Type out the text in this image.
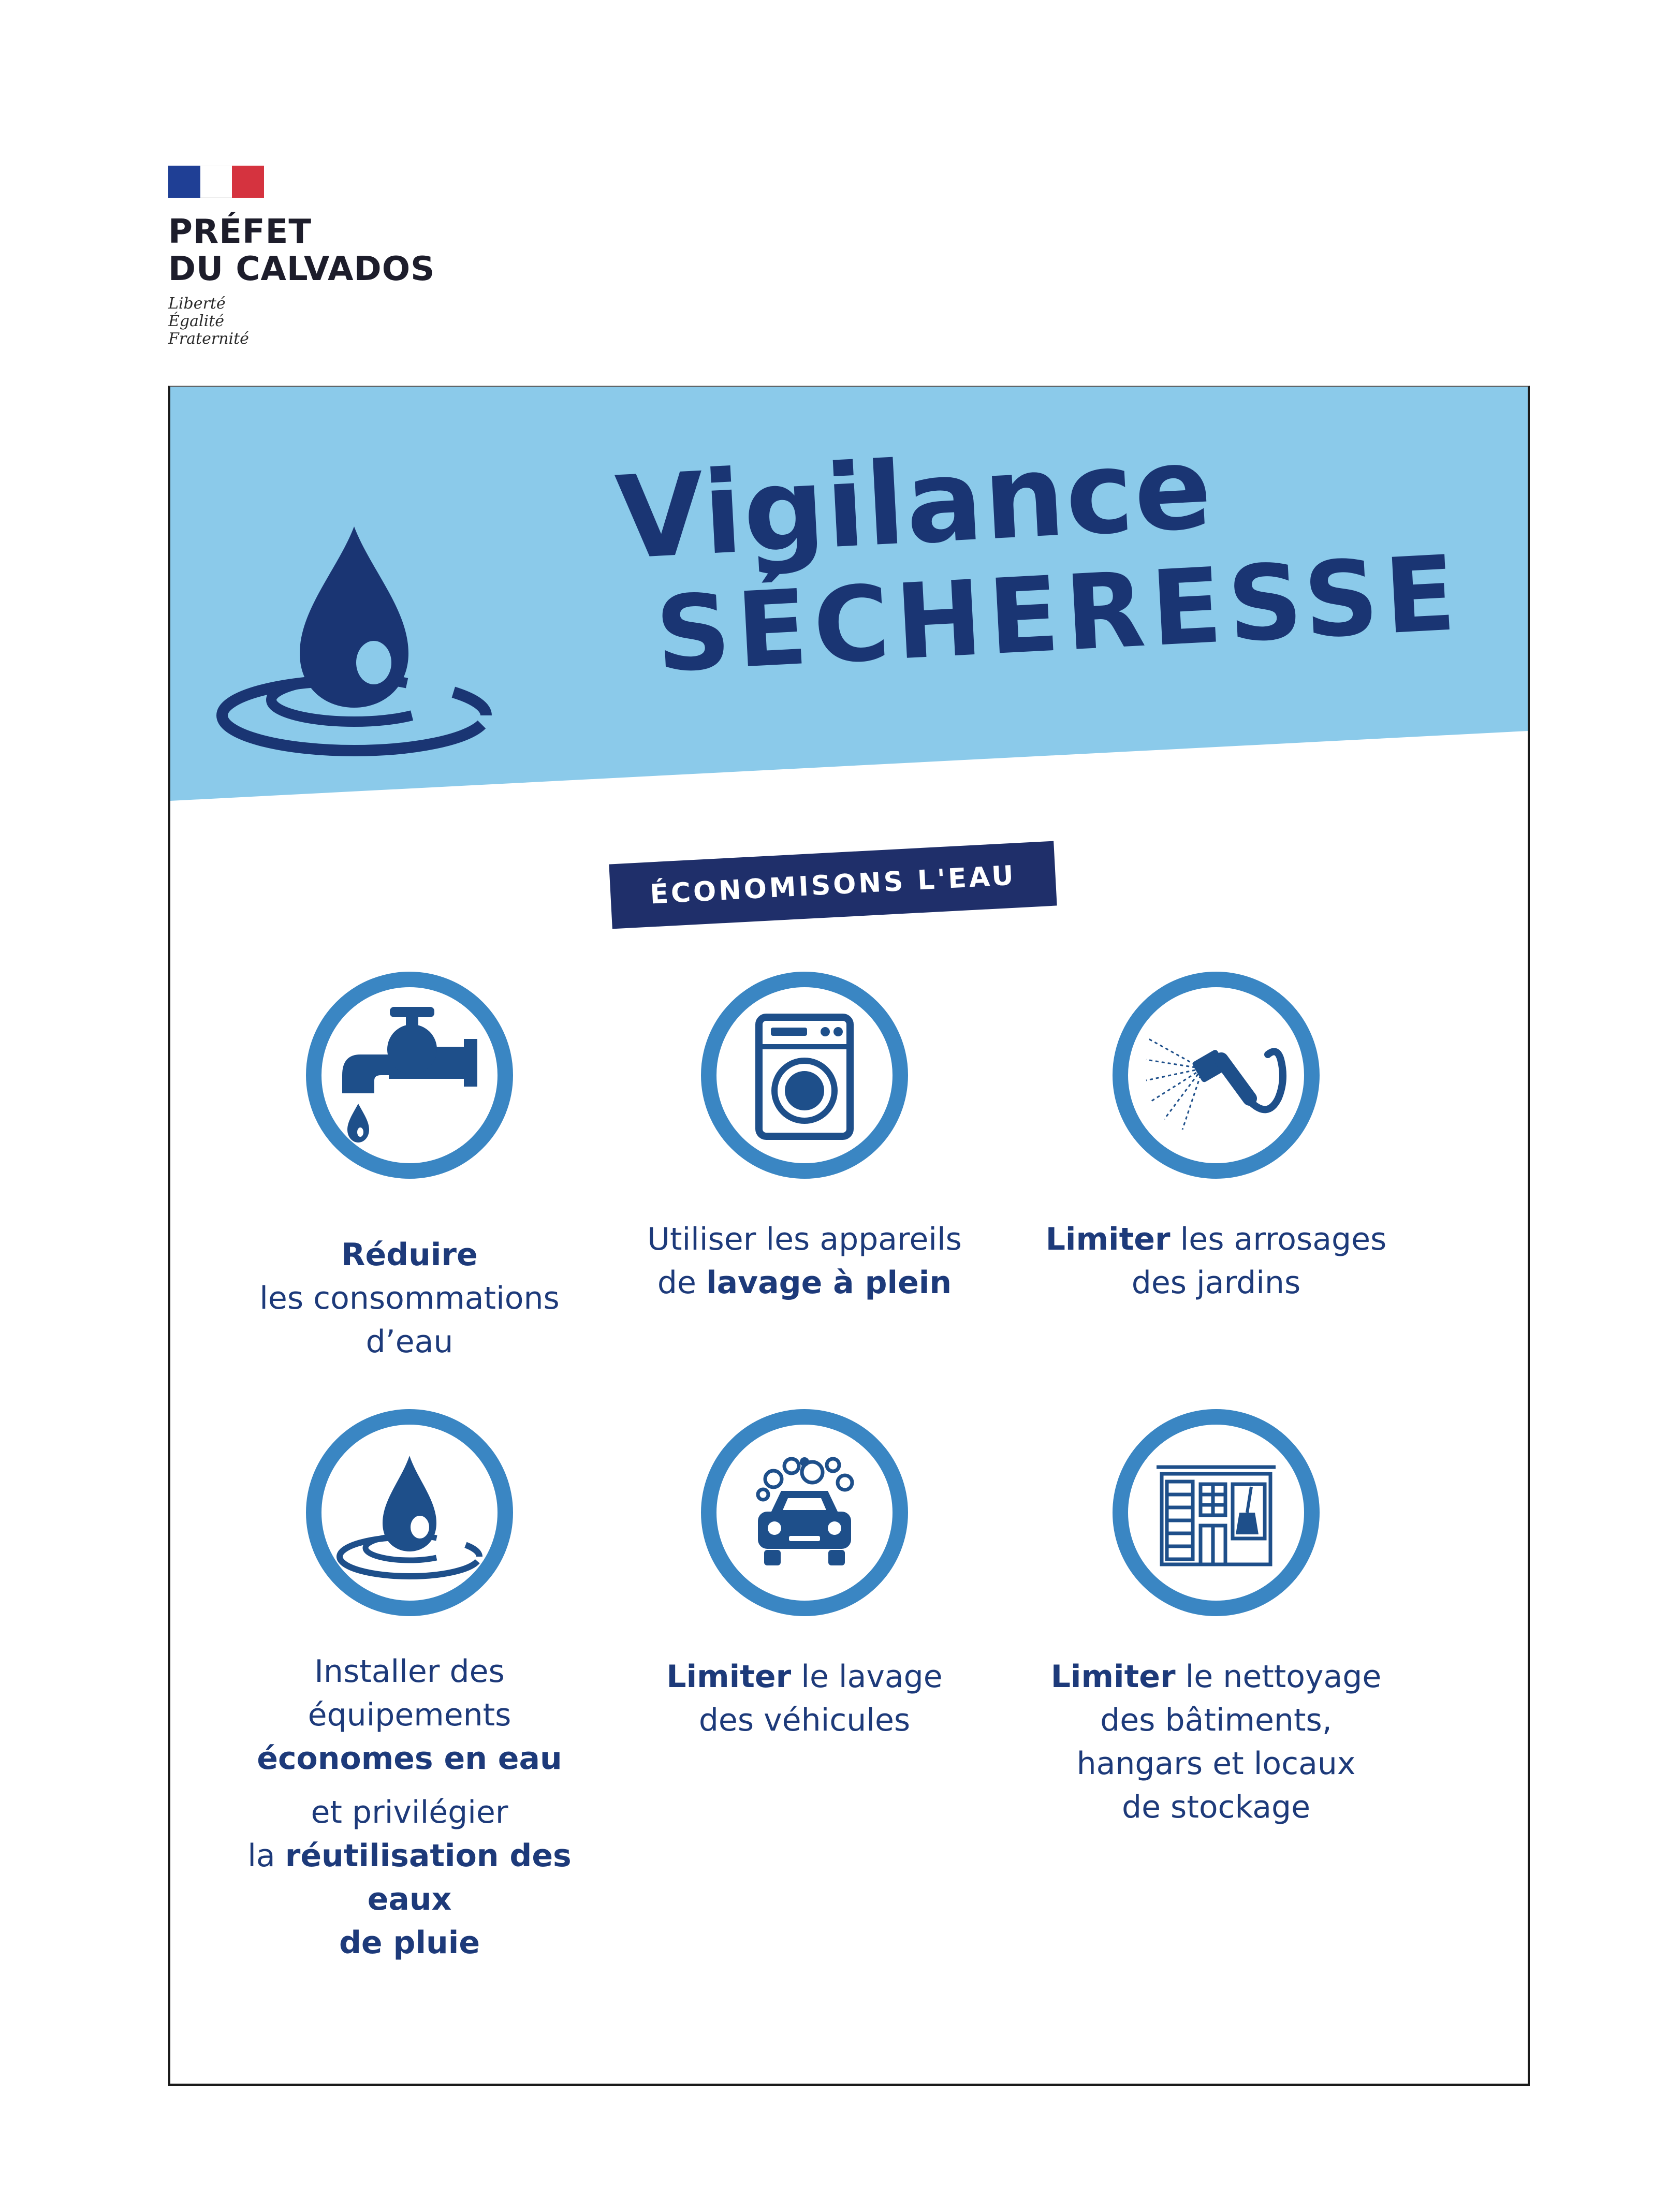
PRÉFET
DU CALVADOS
Liberté
Égalité
Fraternité
Vigilance
SÉCHERESSE
ÉCONOMISONS L'EAU
Réduire
les consommations
d’eau
Utiliser les appareils
de lavage à plein
Limiter les arrosages
des jardins
Installer des équipements
économes en eau
et privilégier
la réutilisation des eaux
de pluie
Limiter le lavage
des véhicules
Limiter le nettoyage
des bâtiments,
hangars et locaux
de stockage
